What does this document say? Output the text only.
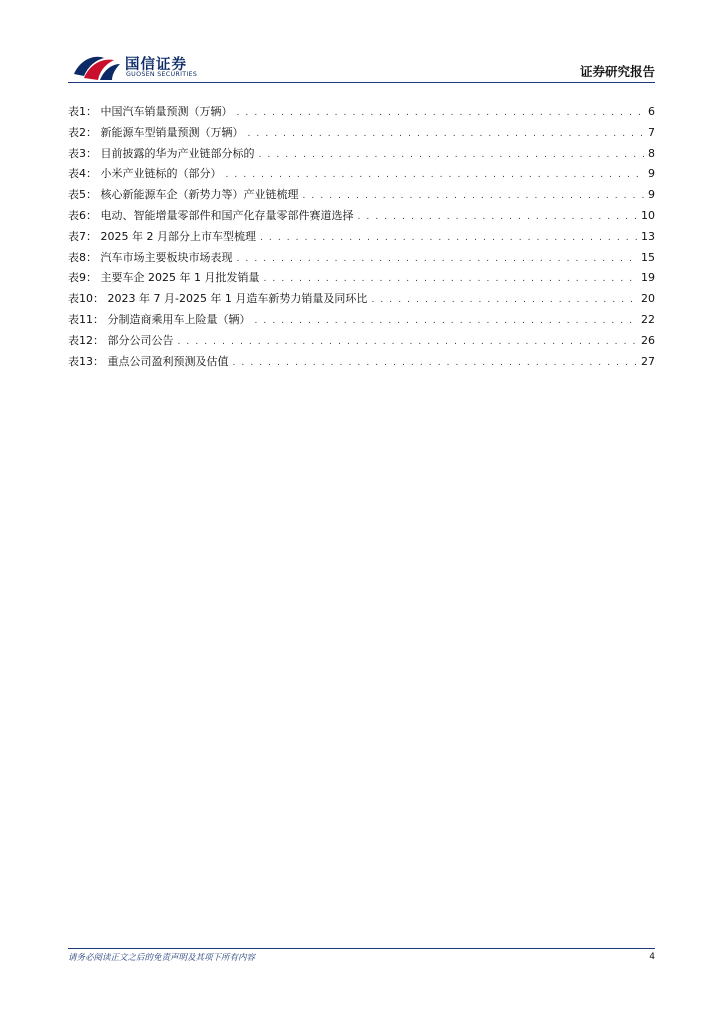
国信证券
GUOSEN SECURITIES	证券研究报告
表1： 中国汽车销量预测（万辆） . . .	6
表2： 新能源车型销量预测（万辆） . . .	7
表3： 目前披露的华为产业链部分标的 . . .	8
表4： 小米产业链标的（部分） . . .	9
表5： 核心新能源车企（新势力等）产业链梳理 . . .	9
表6： 电动、智能增量零部件和国产化存量零部件赛道选择 . . .	10
表7： 2025 年 2 月部分上市车型梳理 . . .	13
表8： 汽车市场主要板块市场表现 . . .	15
表9： 主要车企 2025 年 1 月批发销量 . . .	19
表10： 2023 年 7 月-2025 年 1 月造车新势力销量及同环比 . . .	20
表11： 分制造商乘用车上险量（辆） . . .	22
表12： 部分公司公告 . . .	26
表13： 重点公司盈利预测及估值 . . .	27
请务必阅读正文之后的免责声明及其项下所有内容	4
